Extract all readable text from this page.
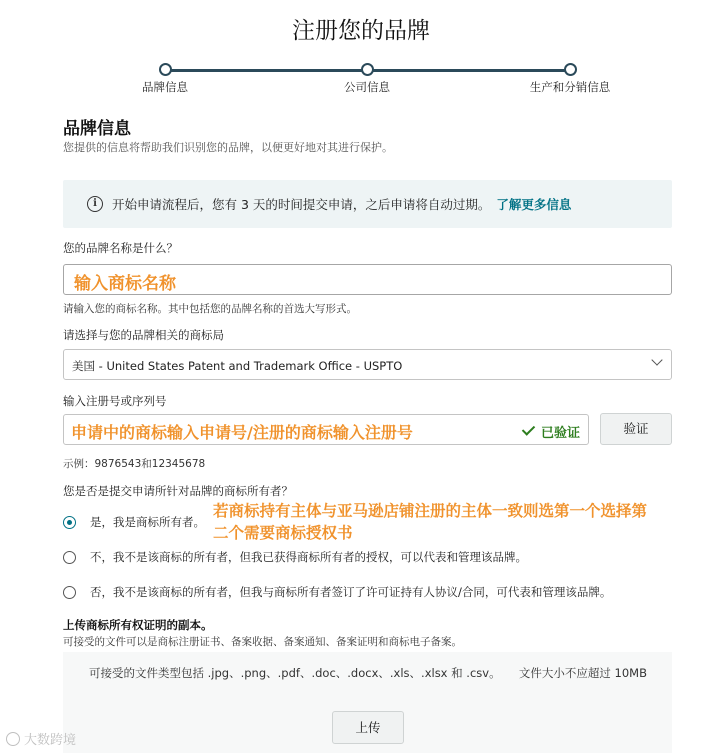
注册您的品牌
品牌信息	公司信息	生产和分销信息
品牌信息

您提供的信息将帮助我们识别您的品牌，以便更好地对其进行保护。

i	开始申请流程后，您有 3 天的时间提交申请，之后申请将自动过期。 了解更多信息
您的品牌名称是什么？
输入商标名称

请输入您的商标名称。其中包括您的品牌名称的首选大写形式。

请选择与您的品牌相关的商标局
美国 - United States Patent and Trademark Office - USPTO
输入注册号或序列号
申请中的商标输入申请号/注册的商标输入注册号	已验证	验证

示例：9876543和12345678

您是否是提交申请所针对品牌的商标所有者？

是，我是商标所有者。
不，我不是该商标的所有者，但我已获得商标所有者的授权，可以代表和管理该品牌。
否，我不是该商标的所有者，但我与商标所有者签订了许可证持有人协议/合同，可代表和管理该品牌。
若商标持有主体与亚马逊店铺注册的主体一致则选第一个选择第二个需要商标授权书

上传商标所有权证明的副本。

可接受的文件可以是商标注册证书、备案收据、备案通知、备案证明和商标电子备案。

可接受的文件类型包括 .jpg、.png、.pdf、.doc、.docx、.xls、.xlsx 和 .csv。 文件大小不应超过 10MB
上传
大数跨境
